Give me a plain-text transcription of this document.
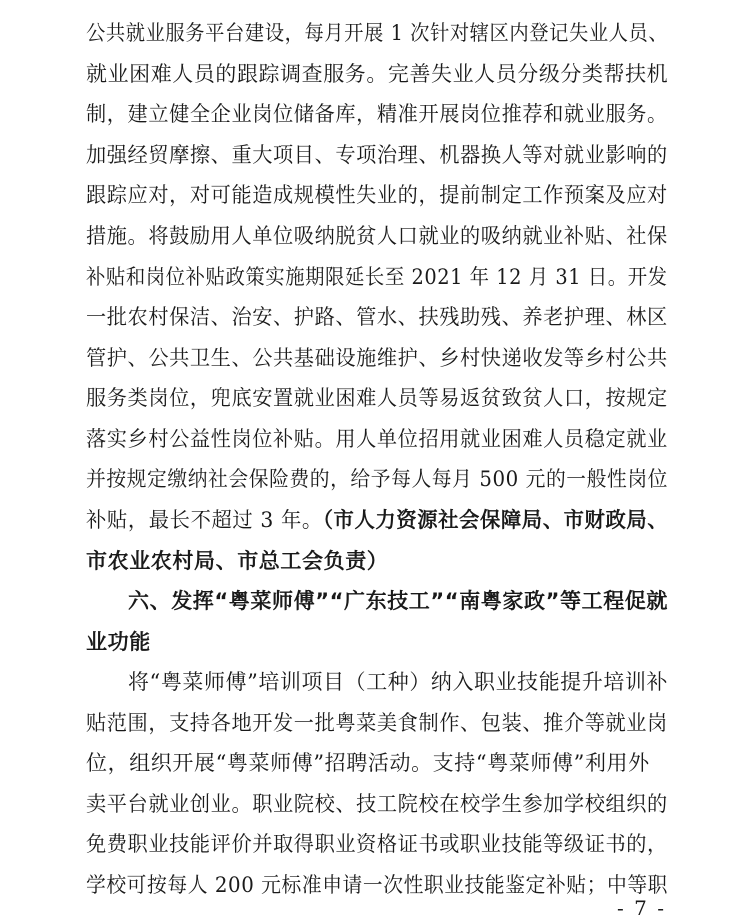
公共就业服务平台建设，每月开展 1 次针对辖区内登记失业人员、
就业困难人员的跟踪调查服务。完善失业人员分级分类帮扶机
制，建立健全企业岗位储备库，精准开展岗位推荐和就业服务。
加强经贸摩擦、重大项目、专项治理、机器换人等对就业影响的
跟踪应对，对可能造成规模性失业的，提前制定工作预案及应对
措施。将鼓励用人单位吸纳脱贫人口就业的吸纳就业补贴、社保
补贴和岗位补贴政策实施期限延长至 2021 年 12 月 31 日。开发
一批农村保洁、治安、护路、管水、扶残助残、养老护理、林区
管护、公共卫生、公共基础设施维护、乡村快递收发等乡村公共
服务类岗位，兜底安置就业困难人员等易返贫致贫人口，按规定
落实乡村公益性岗位补贴。用人单位招用就业困难人员稳定就业
并按规定缴纳社会保险费的，给予每人每月 500 元的一般性岗位
补贴，最长不超过 3 年。（市人力资源社会保障局、市财政局、
市农业农村局、市总工会负责）
六、发挥“粤菜师傅”“广东技工”“南粤家政”等工程促就
业功能
将“粤菜师傅”培训项目（工种）纳入职业技能提升培训补
贴范围，支持各地开发一批粤菜美食制作、包装、推介等就业岗
位，组织开展“粤菜师傅”招聘活动。支持“粤菜师傅”利用外
卖平台就业创业。职业院校、技工院校在校学生参加学校组织的
免费职业技能评价并取得职业资格证书或职业技能等级证书的，
学校可按每人 200 元标准申请一次性职业技能鉴定补贴；中等职
- 7 -
